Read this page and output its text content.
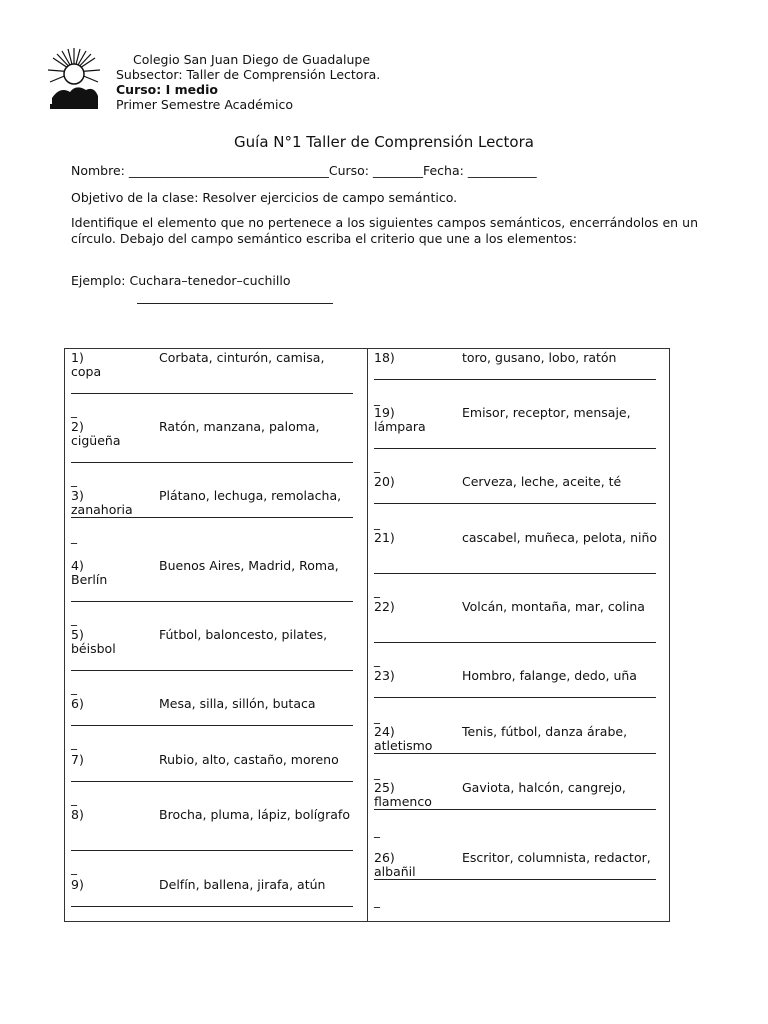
Colegio San Juan Diego de Guadalupe
Subsector: Taller de Comprensión Lectora.
Curso: I medio
Primer Semestre Académico
Guía N°1 Taller de Comprensión Lectora
Nombre: ________________________________Curso: ________Fecha: ___________
Objetivo de la clase: Resolver ejercicios de campo semántico.
Identifique el elemento que no pertenece a los siguientes campos semánticos, encerrándolos en un círculo. Debajo del campo semántico escriba el criterio que une a los elementos:
Ejemplo: Cuchara–tenedor–cuchillo
1)	Corbata, cinturón, camisa, copa
_
2)	Ratón, manzana, paloma, cigüeña
_
3)	Plátano, lechuga, remolacha, zanahoria
_
4)	Buenos Aires, Madrid, Roma, Berlín
_
5)	Fútbol, baloncesto, pilates, béisbol
_
6)	Mesa, silla, sillón, butaca
_
7)	Rubio, alto, castaño, moreno
_
8)	Brocha, pluma, lápiz, bolígrafo
_
9)	Delfín, ballena, jirafa, atún
18)	toro, gusano, lobo, ratón
_
19)	Emisor, receptor, mensaje, lámpara
_
20)	Cerveza, leche, aceite, té
_
21)	cascabel, muñeca, pelota, niño
_
22)	Volcán, montaña, mar, colina
_
23)	Hombro, falange, dedo, uña
_
24)	Tenis, fútbol, danza árabe, atletismo
_
25)	Gaviota, halcón, cangrejo, flamenco
_
26)	Escritor, columnista, redactor, albañil
_
